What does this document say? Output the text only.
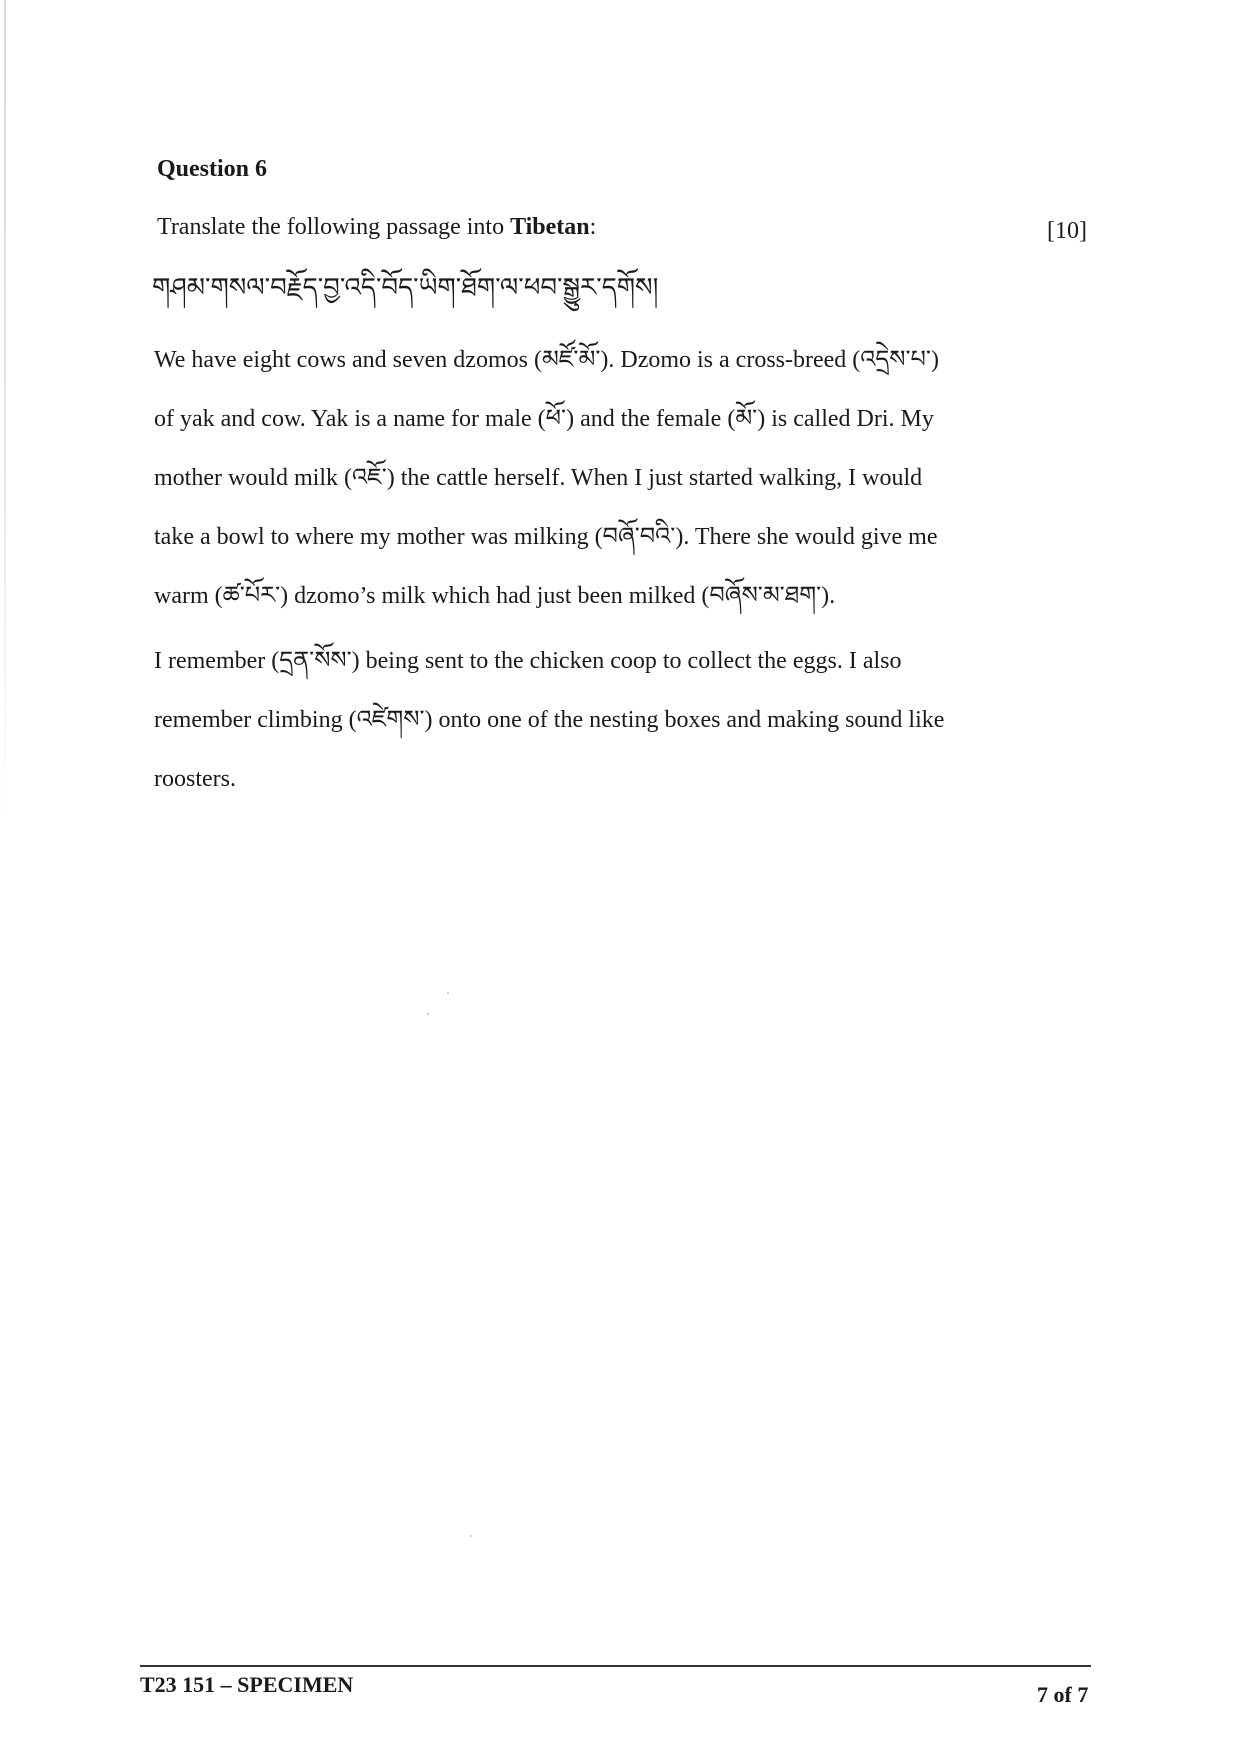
Question 6
Translate the following passage into Tibetan:	[10]
གཤམ་གསལ་བརྗོད་བྱ་འདི་བོད་ཡིག་ཐོག་ལ་ཕབ་སྒྱུར་དགོས།
We have eight cows and seven dzomos (མཛོ་མོ་). Dzomo is a cross-breed (འདྲེས་པ་)
of yak and cow. Yak is a name for male (ཕོ་) and the female (མོ་) is called Dri. My
mother would milk (འཇོ་) the cattle herself. When I just started walking, I would
take a bowl to where my mother was milking (བཞོ་བའི་). There she would give me
warm (ཚ་པོར་) dzomo’s milk which had just been milked (བཞོས་མ་ཐག་).
I remember (དྲན་སོས་) being sent to the chicken coop to collect the eggs. I also
remember climbing (འཛེགས་) onto one of the nesting boxes and making sound like
roosters.
T23 151 – SPECIMEN	7 of 7
